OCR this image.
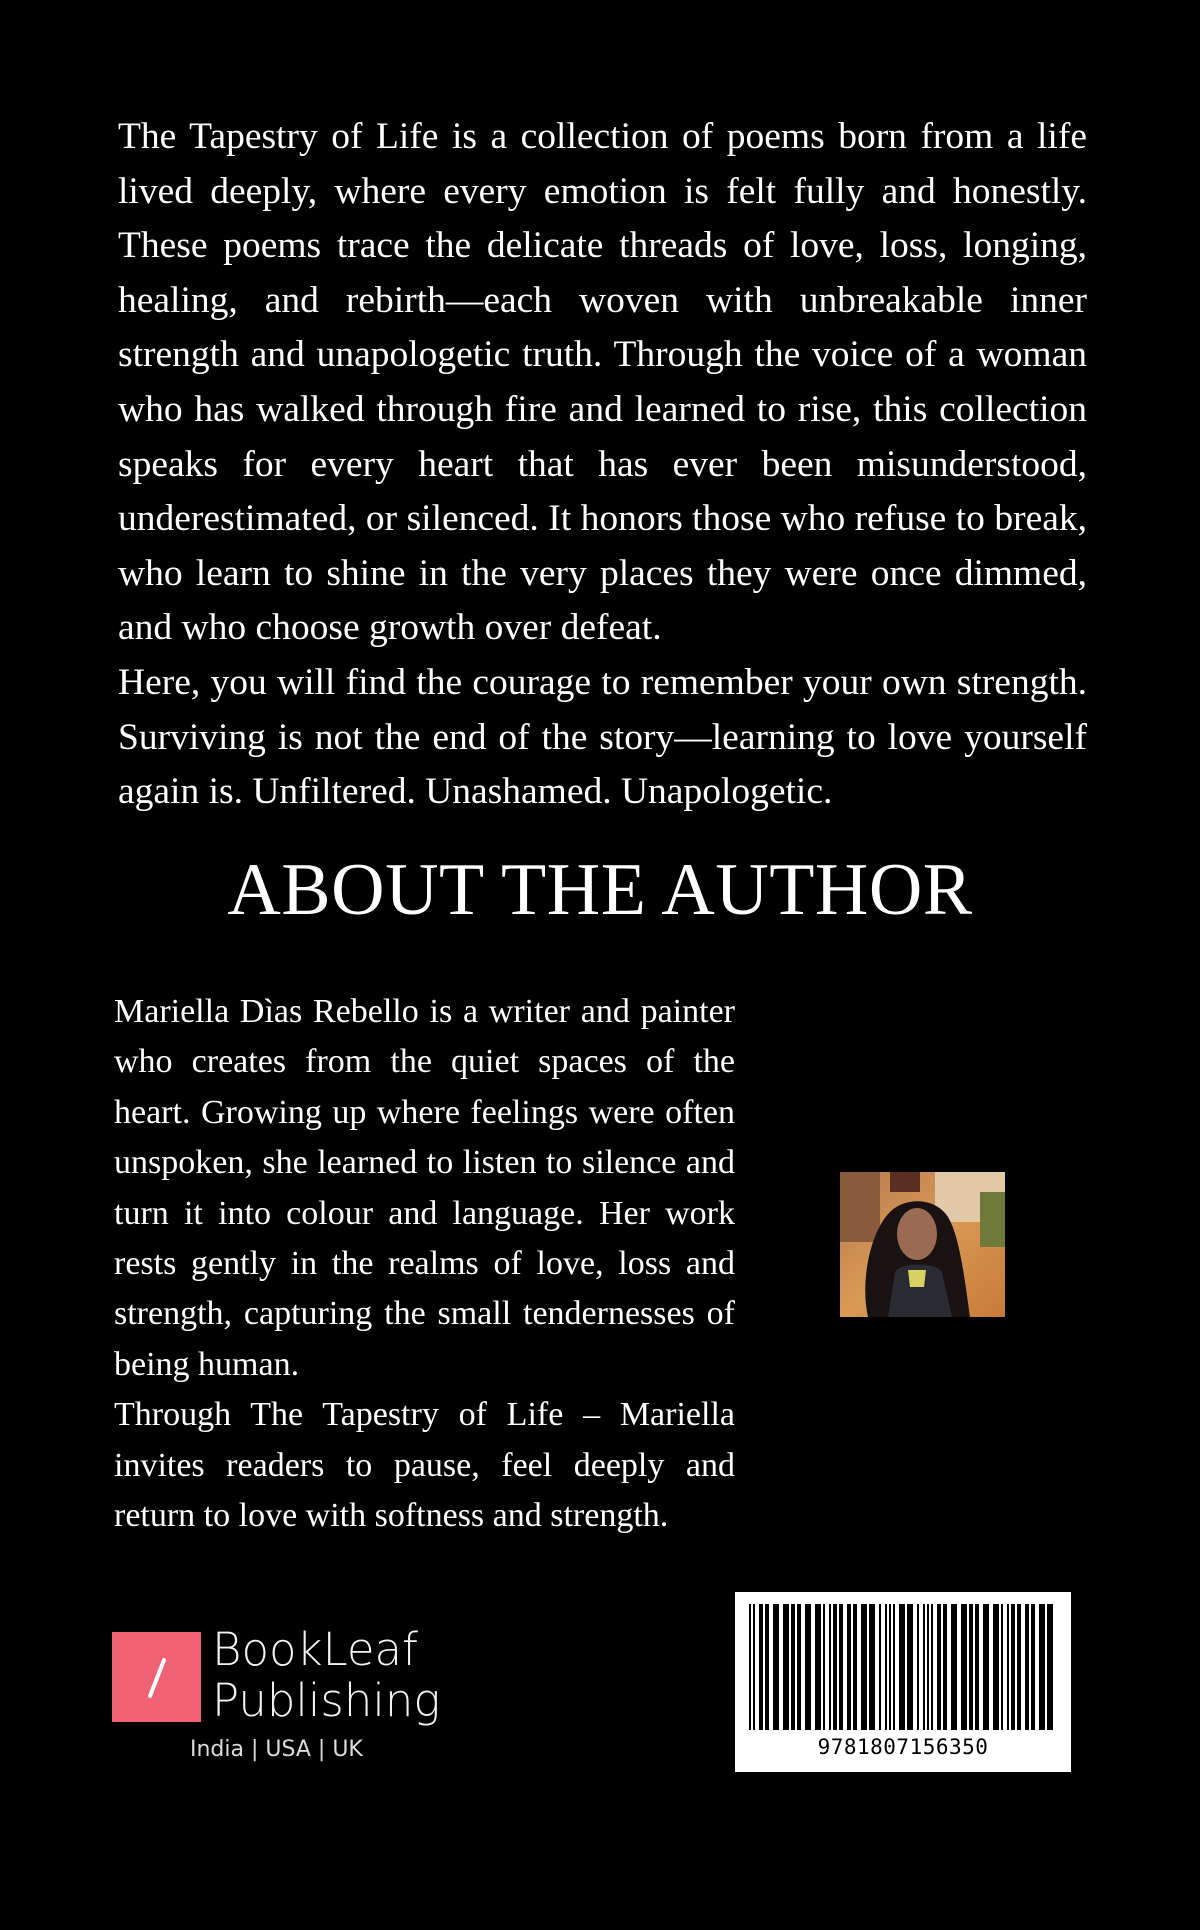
The Tapestry of Life is a collection of poems born from a life lived deeply, where every emotion is felt fully and honestly. These poems trace the delicate threads of love, loss, longing, healing, and rebirth—each woven with unbreakable inner strength and unapologetic truth. Through the voice of a woman who has walked through fire and learned to rise, this collection speaks for every heart that has ever been misunderstood, underestimated, or silenced. It honors those who refuse to break, who learn to shine in the very places they were once dimmed, and who choose growth over defeat.

Here, you will find the courage to remember your own strength. Surviving is not the end of the story—learning to love yourself again is. Unfiltered. Unashamed. Unapologetic.

ABOUT THE AUTHOR

Mariella Dìas Rebello is a writer and painter who creates from the quiet spaces of the heart. Growing up where feelings were often unspoken, she learned to listen to silence and turn it into colour and language. Her work rests gently in the realms of love, loss and strength, capturing the small tendernesses of being human.

Through The Tapestry of Life – Mariella invites readers to pause, feel deeply and return to love with softness and strength.

BookLeaf
Publishing
India | USA | UK	9781807156350
